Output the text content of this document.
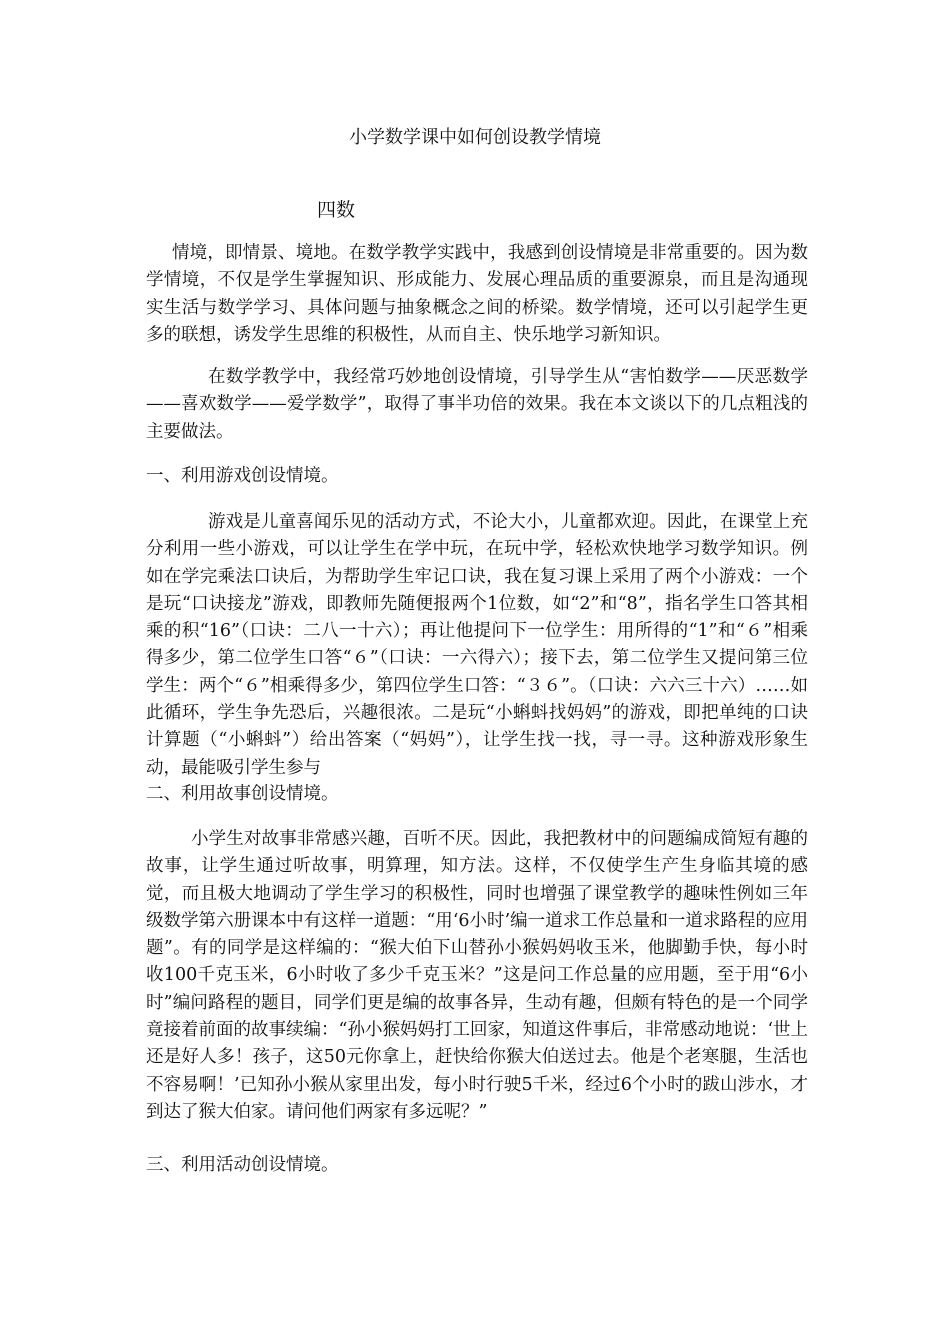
小学数学课中如何创设教学情境
四数

情境，即情景、境地。在数学教学实践中，我感到创设情境是非常重要的。因为数学情境，不仅是学生掌握知识、形成能力、发展心理品质的重要源泉，而且是沟通现实生活与数学学习、具体问题与抽象概念之间的桥梁。数学情境，还可以引起学生更多的联想，诱发学生思维的积极性，从而自主、快乐地学习新知识。

在数学教学中，我经常巧妙地创设情境，引导学生从“害怕数学——厌恶数学——喜欢数学——爱学数学”，取得了事半功倍的效果。我在本文谈以下的几点粗浅的主要做法。

一、利用游戏创设情境。

游戏是儿童喜闻乐见的活动方式，不论大小，儿童都欢迎。因此，在课堂上充分利用一些小游戏，可以让学生在学中玩，在玩中学，轻松欢快地学习数学知识。例如在学完乘法口诀后，为帮助学生牢记口诀，我在复习课上采用了两个小游戏：一个是玩“口诀接龙”游戏，即教师先随便报两个1位数，如“2”和“8”，指名学生口答其相乘的积“16”（口诀：二八一十六）；再让他提问下一位学生：用所得的“1”和“６”相乘得多少，第二位学生口答“６”（口诀：一六得六）；接下去，第二位学生又提问第三位学生：两个“６”相乘得多少，第四位学生口答：“３６”。（口诀：六六三十六）……如此循环，学生争先恐后，兴趣很浓。二是玩“小蝌蚪找妈妈”的游戏，即把单纯的口诀计算题（“小蝌蚪”）给出答案（“妈妈”），让学生找一找，寻一寻。这种游戏形象生动，最能吸引学生参与

二、利用故事创设情境。

小学生对故事非常感兴趣，百听不厌。因此，我把教材中的问题编成简短有趣的故事，让学生通过听故事，明算理，知方法。这样，不仅使学生产生身临其境的感觉，而且极大地调动了学生学习的积极性，同时也增强了课堂教学的趣味性例如三年级数学第六册课本中有这样一道题：“用‘6小时’编一道求工作总量和一道求路程的应用题”。有的同学是这样编的：“猴大伯下山替孙小猴妈妈收玉米，他脚勤手快，每小时收100千克玉米，6小时收了多少千克玉米？”这是问工作总量的应用题，至于用“6小时”编问路程的题目，同学们更是编的故事各异，生动有趣，但颇有特色的是一个同学竟接着前面的故事续编：“孙小猴妈妈打工回家，知道这件事后，非常感动地说：‘世上还是好人多！孩子，这50元你拿上，赶快给你猴大伯送过去。他是个老寒腿，生活也不容易啊！’已知孙小猴从家里出发，每小时行驶5千米，经过6个小时的跋山涉水，才到达了猴大伯家。请问他们两家有多远呢？”

三、利用活动创设情境。
